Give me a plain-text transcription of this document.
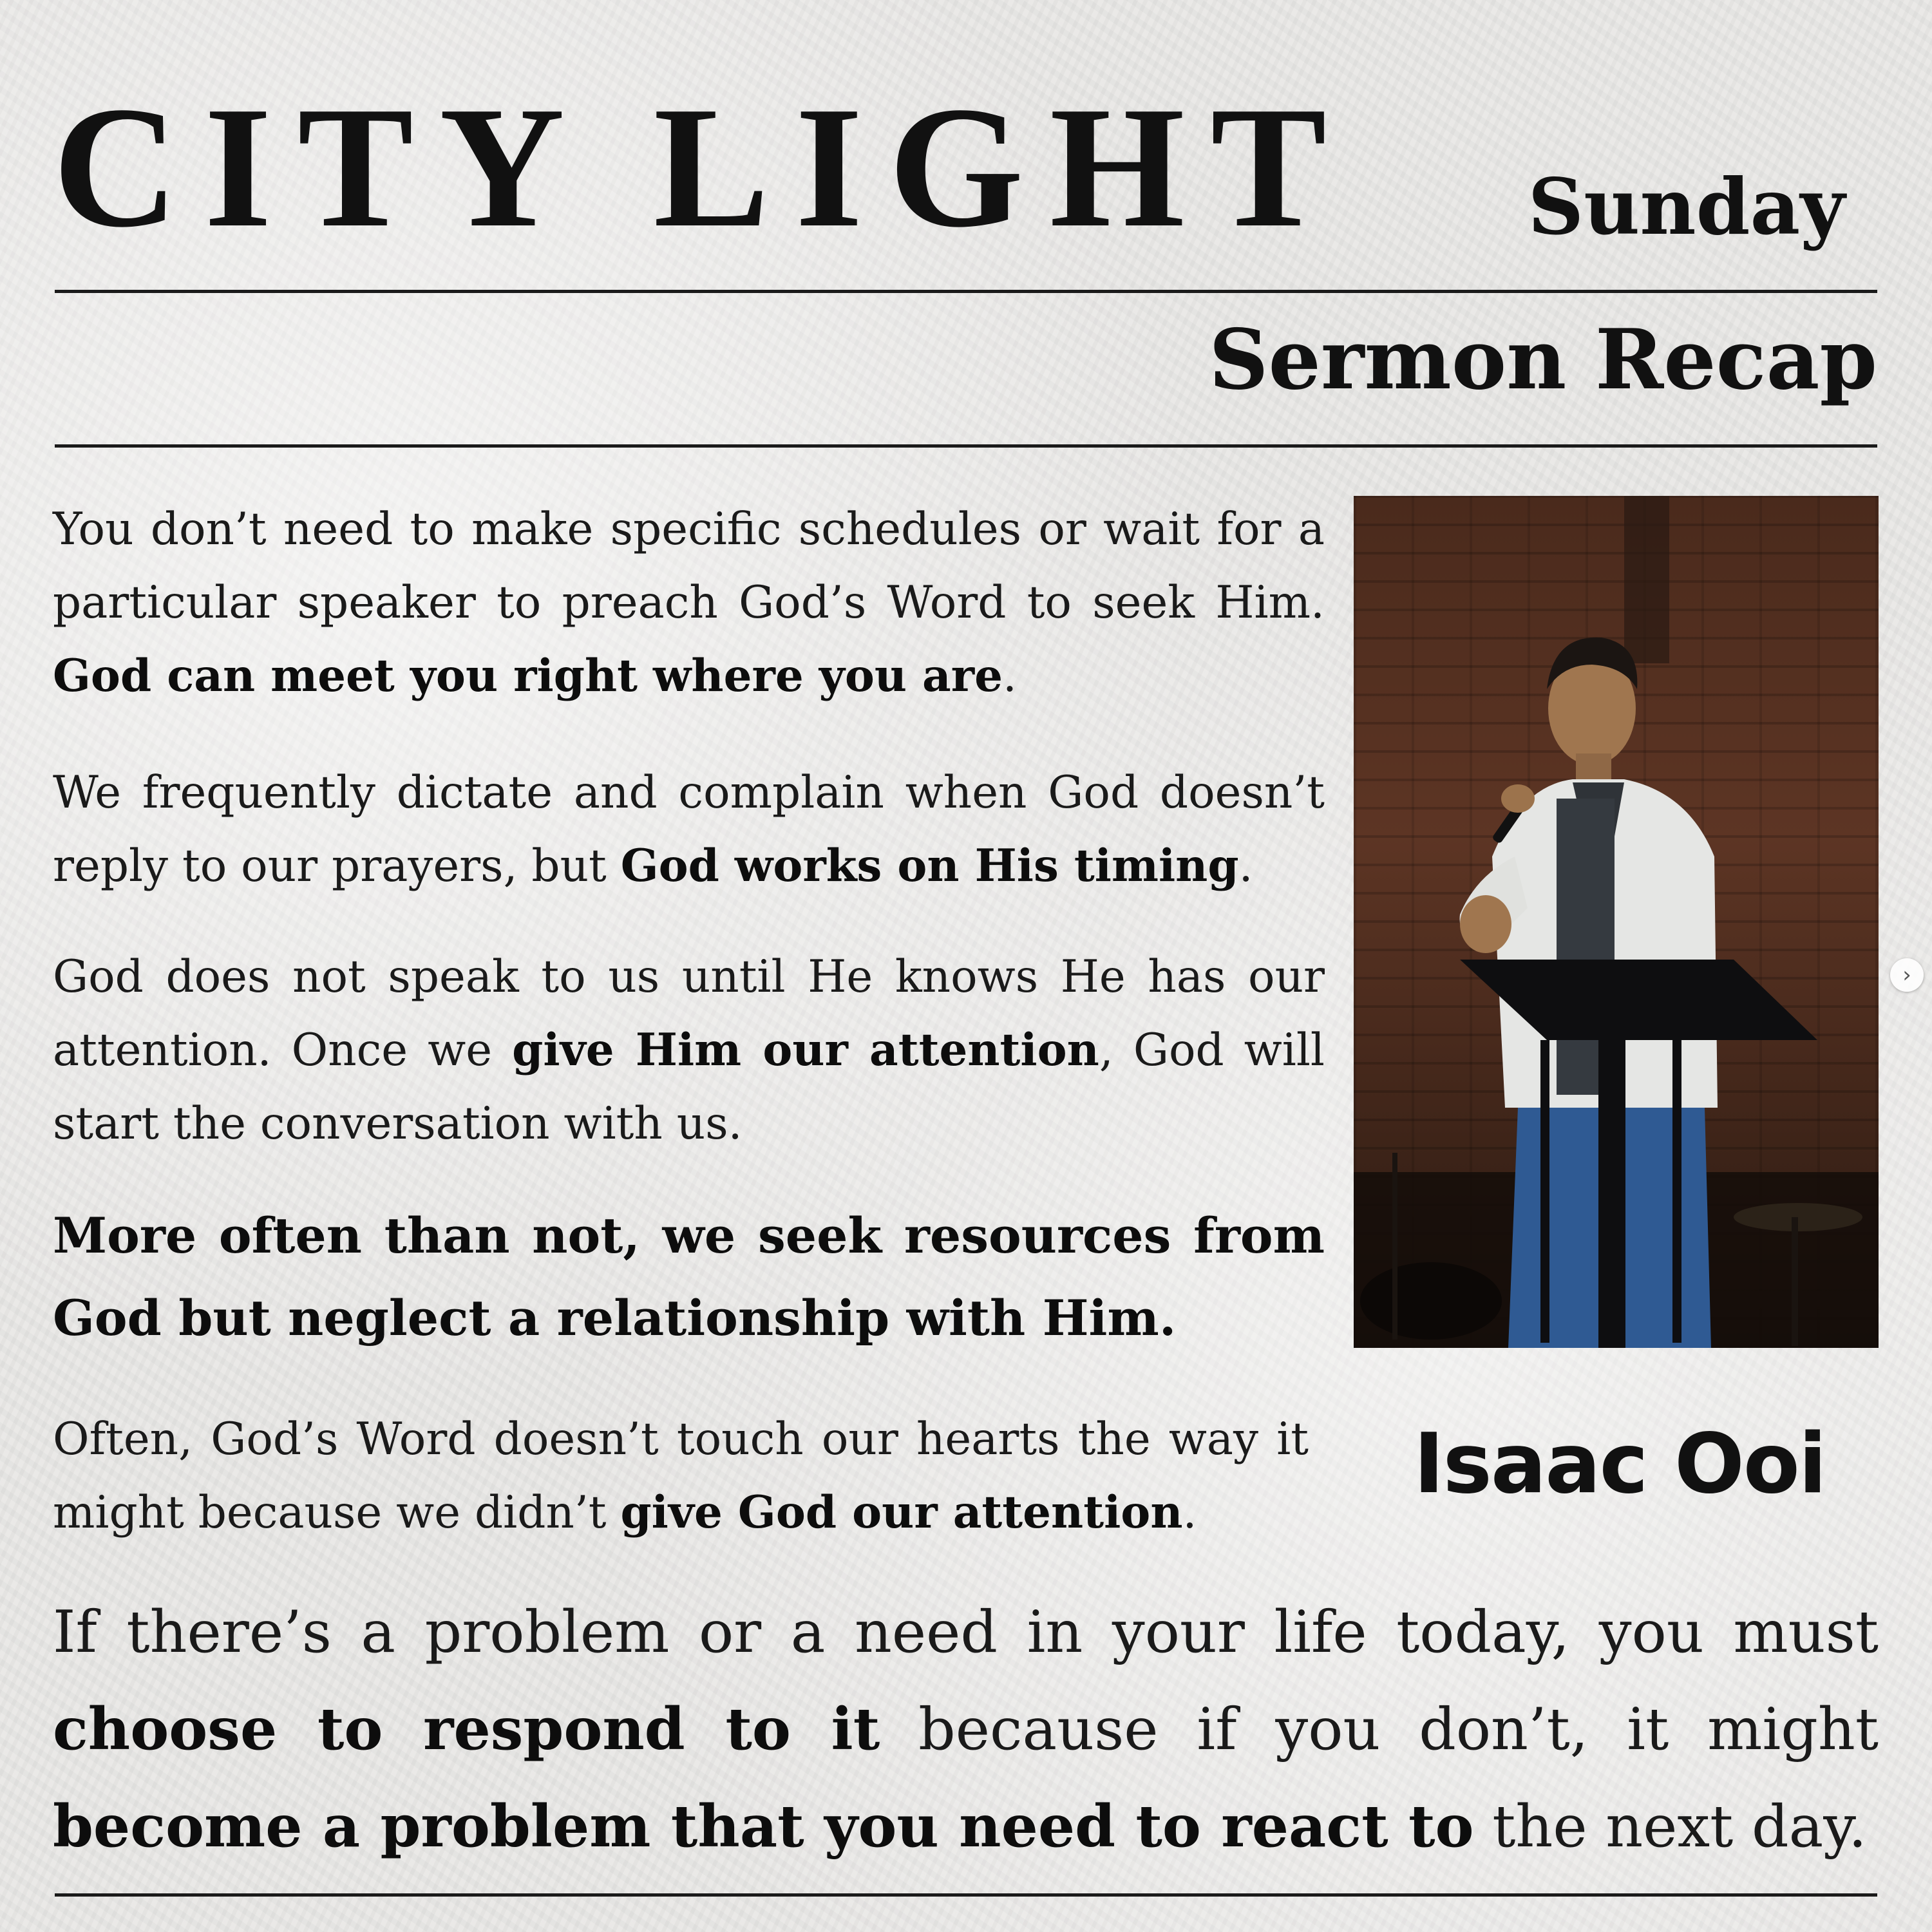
CITY LIGHT Sunday
Sermon Recap

You don’t need to make specific schedules or wait for a particular speaker to preach God’s Word to seek Him. God can meet you right where you are.

We frequently dictate and complain when God doesn’t reply to our prayers, but God works on His timing.

God does not speak to us until He knows He has our attention. Once we give Him our attention, God will start the conversation with us.

More often than not, we seek resources from God but neglect a relationship with Him.

Often, God’s Word doesn’t touch our hearts the way it might because we didn’t give God our attention.

Isaac Ooi

If there’s a problem or a need in your life today, you must choose to respond to it because if you don’t, it might become a problem that you need to react to the next day.

›
